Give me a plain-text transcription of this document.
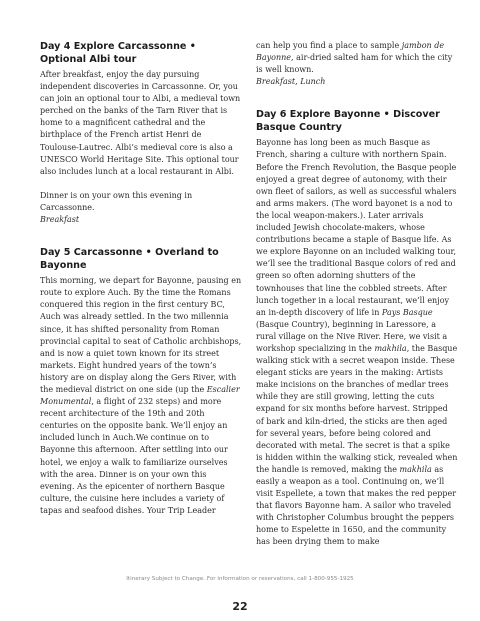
Day 4 Explore Carcassonne • Optional Albi tour

After breakfast, enjoy the day pursuing independent discoveries in Carcassonne. Or, you can join an optional tour to Albi, a medieval town perched on the banks of the Tarn River that is home to a magnificent cathedral and the birthplace of the French artist Henri de Toulouse-Lautrec. Albi’s medieval core is also a UNESCO World Heritage Site. This optional tour also includes lunch at a local restaurant in Albi.

Dinner is on your own this evening in Carcassonne.

Breakfast

Day 5 Carcassonne • Overland to Bayonne

This morning, we depart for Bayonne, pausing en route to explore Auch. By the time the Romans conquered this region in the first century BC, Auch was already settled. In the two millennia since, it has shifted personality from Roman provincial capital to seat of Catholic archbishops, and is now a quiet town known for its street markets. Eight hundred years of the town’s history are on display along the Gers River, with the medieval district on one side (up the Escalier Monumental, a flight of 232 steps) and more recent architecture of the 19th and 20th centuries on the opposite bank. We’ll enjoy an included lunch in Auch.We continue on to Bayonne this afternoon. After settling into our hotel, we enjoy a walk to familiarize ourselves with the area. Dinner is on your own this evening. As the epicenter of northern Basque culture, the cuisine here includes a variety of tapas and seafood dishes. Your Trip Leader

can help you find a place to sample jambon de Bayonne, air-dried salted ham for which the city is well known.

Breakfast, Lunch

Day 6 Explore Bayonne • Discover Basque Country

Bayonne has long been as much Basque as French, sharing a culture with northern Spain. Before the French Revolution, the Basque people enjoyed a great degree of autonomy, with their own fleet of sailors, as well as successful whalers and arms makers. (The word bayonet is a nod to the local weapon-makers.). Later arrivals included Jewish chocolate-makers, whose contributions became a staple of Basque life. As we explore Bayonne on an included walking tour, we’ll see the traditional Basque colors of red and green so often adorning shutters of the townhouses that line the cobbled streets. After lunch together in a local restaurant, we’ll enjoy an in-depth discovery of life in Pays Basque (Basque Country), beginning in Laressore, a rural village on the Nive River. Here, we visit a workshop specializing in the makhila, the Basque walking stick with a secret weapon inside. These elegant sticks are years in the making: Artists make incisions on the branches of medlar trees while they are still growing, letting the cuts expand for six months before harvest. Stripped of bark and kiln-dried, the sticks are then aged for several years, before being colored and decorated with metal. The secret is that a spike is hidden within the walking stick, revealed when the handle is removed, making the makhila as easily a weapon as a tool. Continuing on, we’ll visit Espellete, a town that makes the red pepper that flavors Bayonne ham. A sailor who traveled with Christopher Columbus brought the peppers home to Espelette in 1650, and the community has been drying them to make

Itinerary Subject to Change. For information or reservations, call 1-800-955-1925
22
